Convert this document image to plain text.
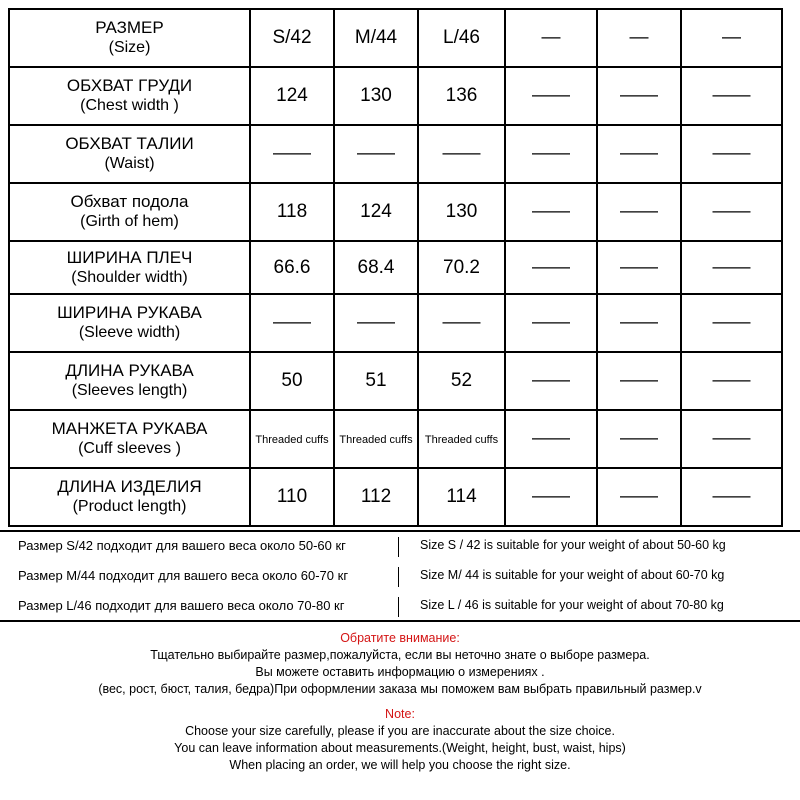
РАЗМЕР
(Size)	S/42	M/44	L/46	—	—	—

ОБХВАТ ГРУДИ
(Chest width )	124	130	136	——	——	——

ОБХВАТ ТАЛИИ
(Waist)	——	——	——	——	——	——

Обхват подола
(Girth of hem)	118	124	130	——	——	——

ШИРИНА ПЛЕЧ
(Shoulder width)	66.6	68.4	70.2	——	——	——

ШИРИНА РУКАВА
(Sleeve width)	——	——	——	——	——	——

ДЛИНА РУКАВА
(Sleeves length)	50	51	52	——	——	——

МАНЖЕТА РУКАВА
(Cuff sleeves )	Threaded cuffs	Threaded cuffs	Threaded cuffs	——	——	——

ДЛИНА ИЗДЕЛИЯ
(Product length)	110	112	114	——	——	——
Размер S/42 подходит для вашего веса около 50-60 кг	Size S / 42 is suitable for your weight of about 50-60 kg
Размер M/44 подходит для вашего веса около 60-70 кг	Size M/ 44 is suitable for your weight of about 60-70 kg
Размер L/46 подходит для вашего веса около 70-80 кг	Size L / 46 is suitable for your weight of about 70-80 kg

Обратите внимание:

Тщательно выбирайте размер,пожалуйста, если вы неточно знате о выборе размера.

Вы можете оставить информацию о измерениях .

(вес, рост, бюст, талия, бедра)При оформлении заказа мы поможем вам выбрать правильный размер.v

Note:

Choose your size carefully, please if you are inaccurate about the size choice.

You can leave information about measurements.(Weight, height, bust, waist, hips)

When placing an order, we will help you choose the right size.
